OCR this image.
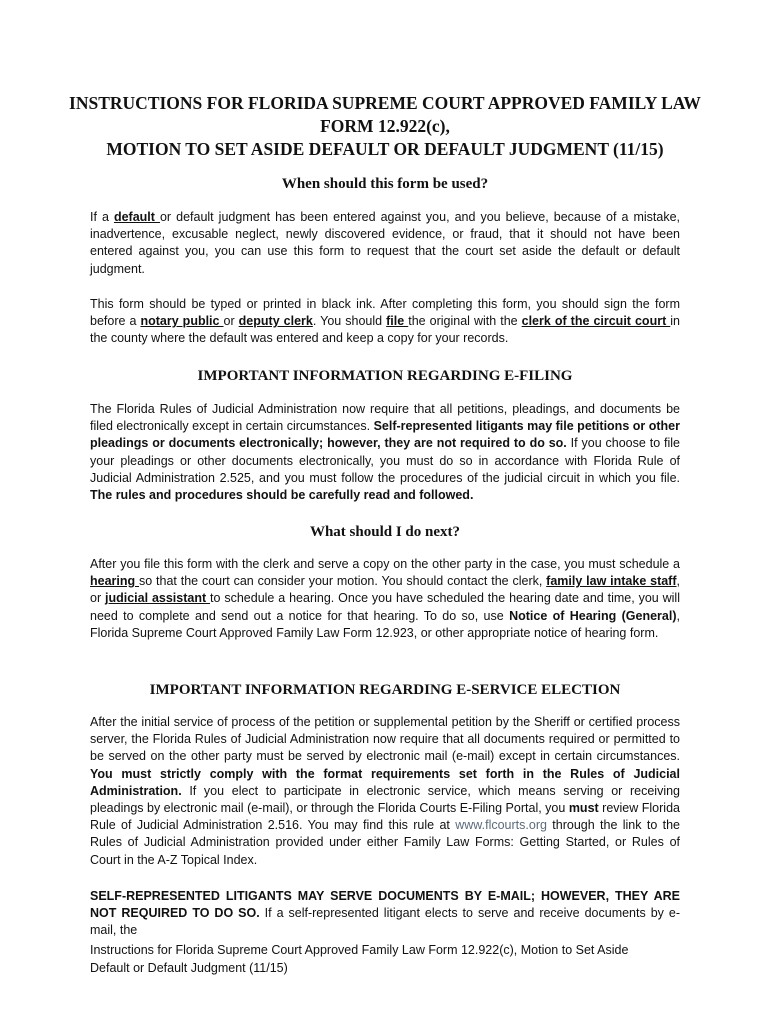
INSTRUCTIONS FOR FLORIDA SUPREME COURT APPROVED FAMILY LAW
FORM 12.922(c),
MOTION TO SET ASIDE DEFAULT OR DEFAULT JUDGMENT (11/15)
When should this form be used?

If a default or default judgment has been entered against you, and you believe, because of a mistake, inadvertence, excusable neglect, newly discovered evidence, or fraud, that it should not have been entered against you, you can use this form to request that the court set aside the default or default judgment.

This form should be typed or printed in black ink. After completing this form, you should sign the form before a notary public or deputy clerk. You should file the original with the clerk of the circuit court in the county where the default was entered and keep a copy for your records.

IMPORTANT INFORMATION REGARDING E-FILING

The Florida Rules of Judicial Administration now require that all petitions, pleadings, and documents be filed electronically except in certain circumstances. Self-represented litigants may file petitions or other pleadings or documents electronically; however, they are not required to do so. If you choose to file your pleadings or other documents electronically, you must do so in accordance with Florida Rule of Judicial Administration 2.525, and you must follow the procedures of the judicial circuit in which you file. The rules and procedures should be carefully read and followed.

What should I do next?

After you file this form with the clerk and serve a copy on the other party in the case, you must schedule a hearing so that the court can consider your motion. You should contact the clerk, family law intake staff, or judicial assistant to schedule a hearing. Once you have scheduled the hearing date and time, you will need to complete and send out a notice for that hearing. To do so, use Notice of Hearing (General), Florida Supreme Court Approved Family Law Form 12.923, or other appropriate notice of hearing form.

IMPORTANT INFORMATION REGARDING E-SERVICE ELECTION

After the initial service of process of the petition or supplemental petition by the Sheriff or certified process server, the Florida Rules of Judicial Administration now require that all documents required or permitted to be served on the other party must be served by electronic mail (e-mail) except in certain circumstances. You must strictly comply with the format requirements set forth in the Rules of Judicial Administration. If you elect to participate in electronic service, which means serving or receiving pleadings by electronic mail (e-mail), or through the Florida Courts E-Filing Portal, you must review Florida Rule of Judicial Administration 2.516. You may find this rule at www.flcourts.org through the link to the Rules of Judicial Administration provided under either Family Law Forms: Getting Started, or Rules of Court in the A-Z Topical Index.

SELF-REPRESENTED LITIGANTS MAY SERVE DOCUMENTS BY E-MAIL; HOWEVER, THEY ARE NOT REQUIRED TO DO SO. If a self-represented litigant elects to serve and receive documents by e-mail, the

Instructions for Florida Supreme Court Approved Family Law Form 12.922(c), Motion to Set Aside
Default or Default Judgment (11/15)
